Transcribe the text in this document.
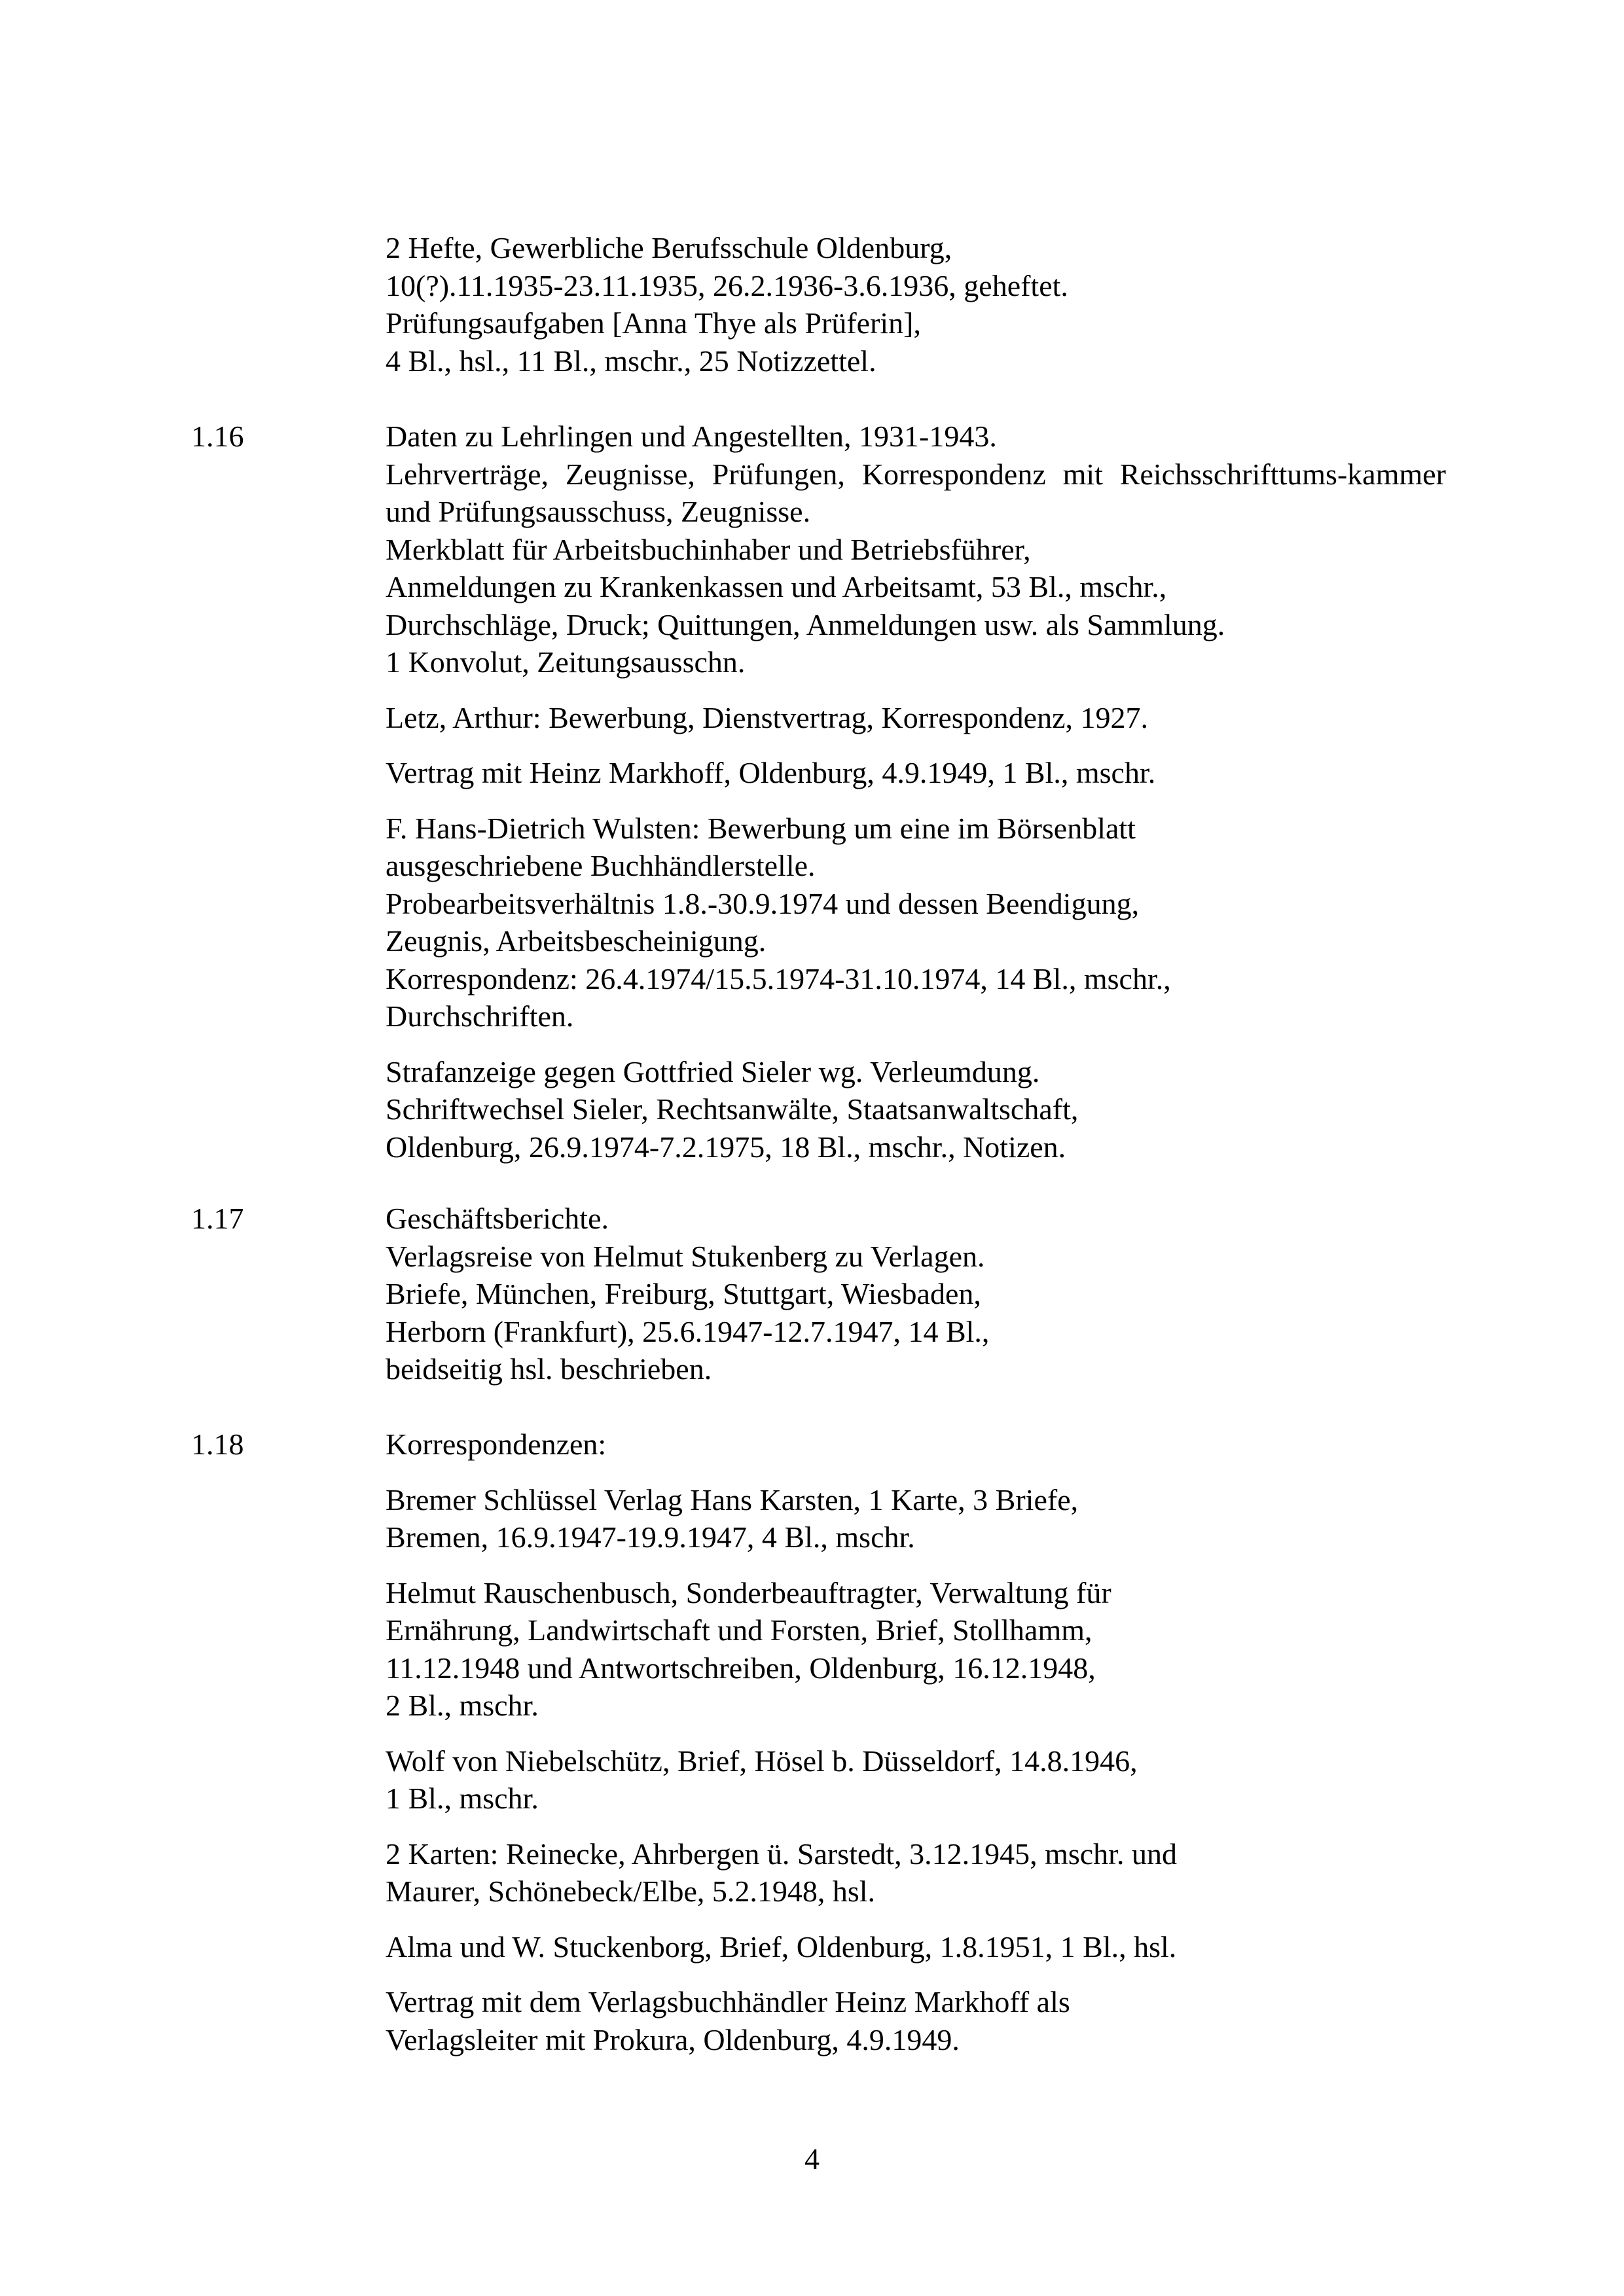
2 Hefte, Gewerbliche Berufsschule Oldenburg,
10(?).11.1935-23.11.1935, 26.2.1936-3.6.1936, geheftet.
Prüfungsaufgaben [Anna Thye als Prüferin],
4 Bl., hsl., 11 Bl., mschr., 25 Notizzettel.

1.16	Daten zu Lehrlingen und Angestellten, 1931-1943.

Lehrverträge, Zeugnisse, Prüfungen, Korrespondenz mit Reichsschrifttums-kammer und Prüfungsausschuss, Zeugnisse.

Merkblatt für Arbeitsbuchinhaber und Betriebsführer,
Anmeldungen zu Krankenkassen und Arbeitsamt, 53 Bl., mschr.,
Durchschläge, Druck; Quittungen, Anmeldungen usw. als Sammlung.
1 Konvolut, Zeitungsausschn.

Letz, Arthur: Bewerbung, Dienstvertrag, Korrespondenz, 1927.

Vertrag mit Heinz Markhoff, Oldenburg, 4.9.1949, 1 Bl., mschr.

F. Hans-Dietrich Wulsten: Bewerbung um eine im Börsenblatt
ausgeschriebene Buchhändlerstelle.
Probearbeitsverhältnis 1.8.-30.9.1974 und dessen Beendigung,
Zeugnis, Arbeitsbescheinigung.
Korrespondenz: 26.4.1974/15.5.1974-31.10.1974, 14 Bl., mschr.,
Durchschriften.

Strafanzeige gegen Gottfried Sieler wg. Verleumdung.
Schriftwechsel Sieler, Rechtsanwälte, Staatsanwaltschaft,
Oldenburg, 26.9.1974-7.2.1975, 18 Bl., mschr., Notizen.

1.17	Geschäftsberichte.
Verlagsreise von Helmut Stukenberg zu Verlagen.
Briefe, München, Freiburg, Stuttgart, Wiesbaden,
Herborn (Frankfurt), 25.6.1947-12.7.1947, 14 Bl.,
beidseitig hsl. beschrieben.

1.18	Korrespondenzen:

Bremer Schlüssel Verlag Hans Karsten, 1 Karte, 3 Briefe,
Bremen, 16.9.1947-19.9.1947, 4 Bl., mschr.

Helmut Rauschenbusch, Sonderbeauftragter, Verwaltung für
Ernährung, Landwirtschaft und Forsten, Brief, Stollhamm,
11.12.1948 und Antwortschreiben, Oldenburg, 16.12.1948,
2 Bl., mschr.

Wolf von Niebelschütz, Brief, Hösel b. Düsseldorf, 14.8.1946,
1 Bl., mschr.

2 Karten: Reinecke, Ahrbergen ü. Sarstedt, 3.12.1945, mschr. und
Maurer, Schönebeck/Elbe, 5.2.1948, hsl.

Alma und W. Stuckenborg, Brief, Oldenburg, 1.8.1951, 1 Bl., hsl.

Vertrag mit dem Verlagsbuchhändler Heinz Markhoff als
Verlagsleiter mit Prokura, Oldenburg, 4.9.1949.

4
